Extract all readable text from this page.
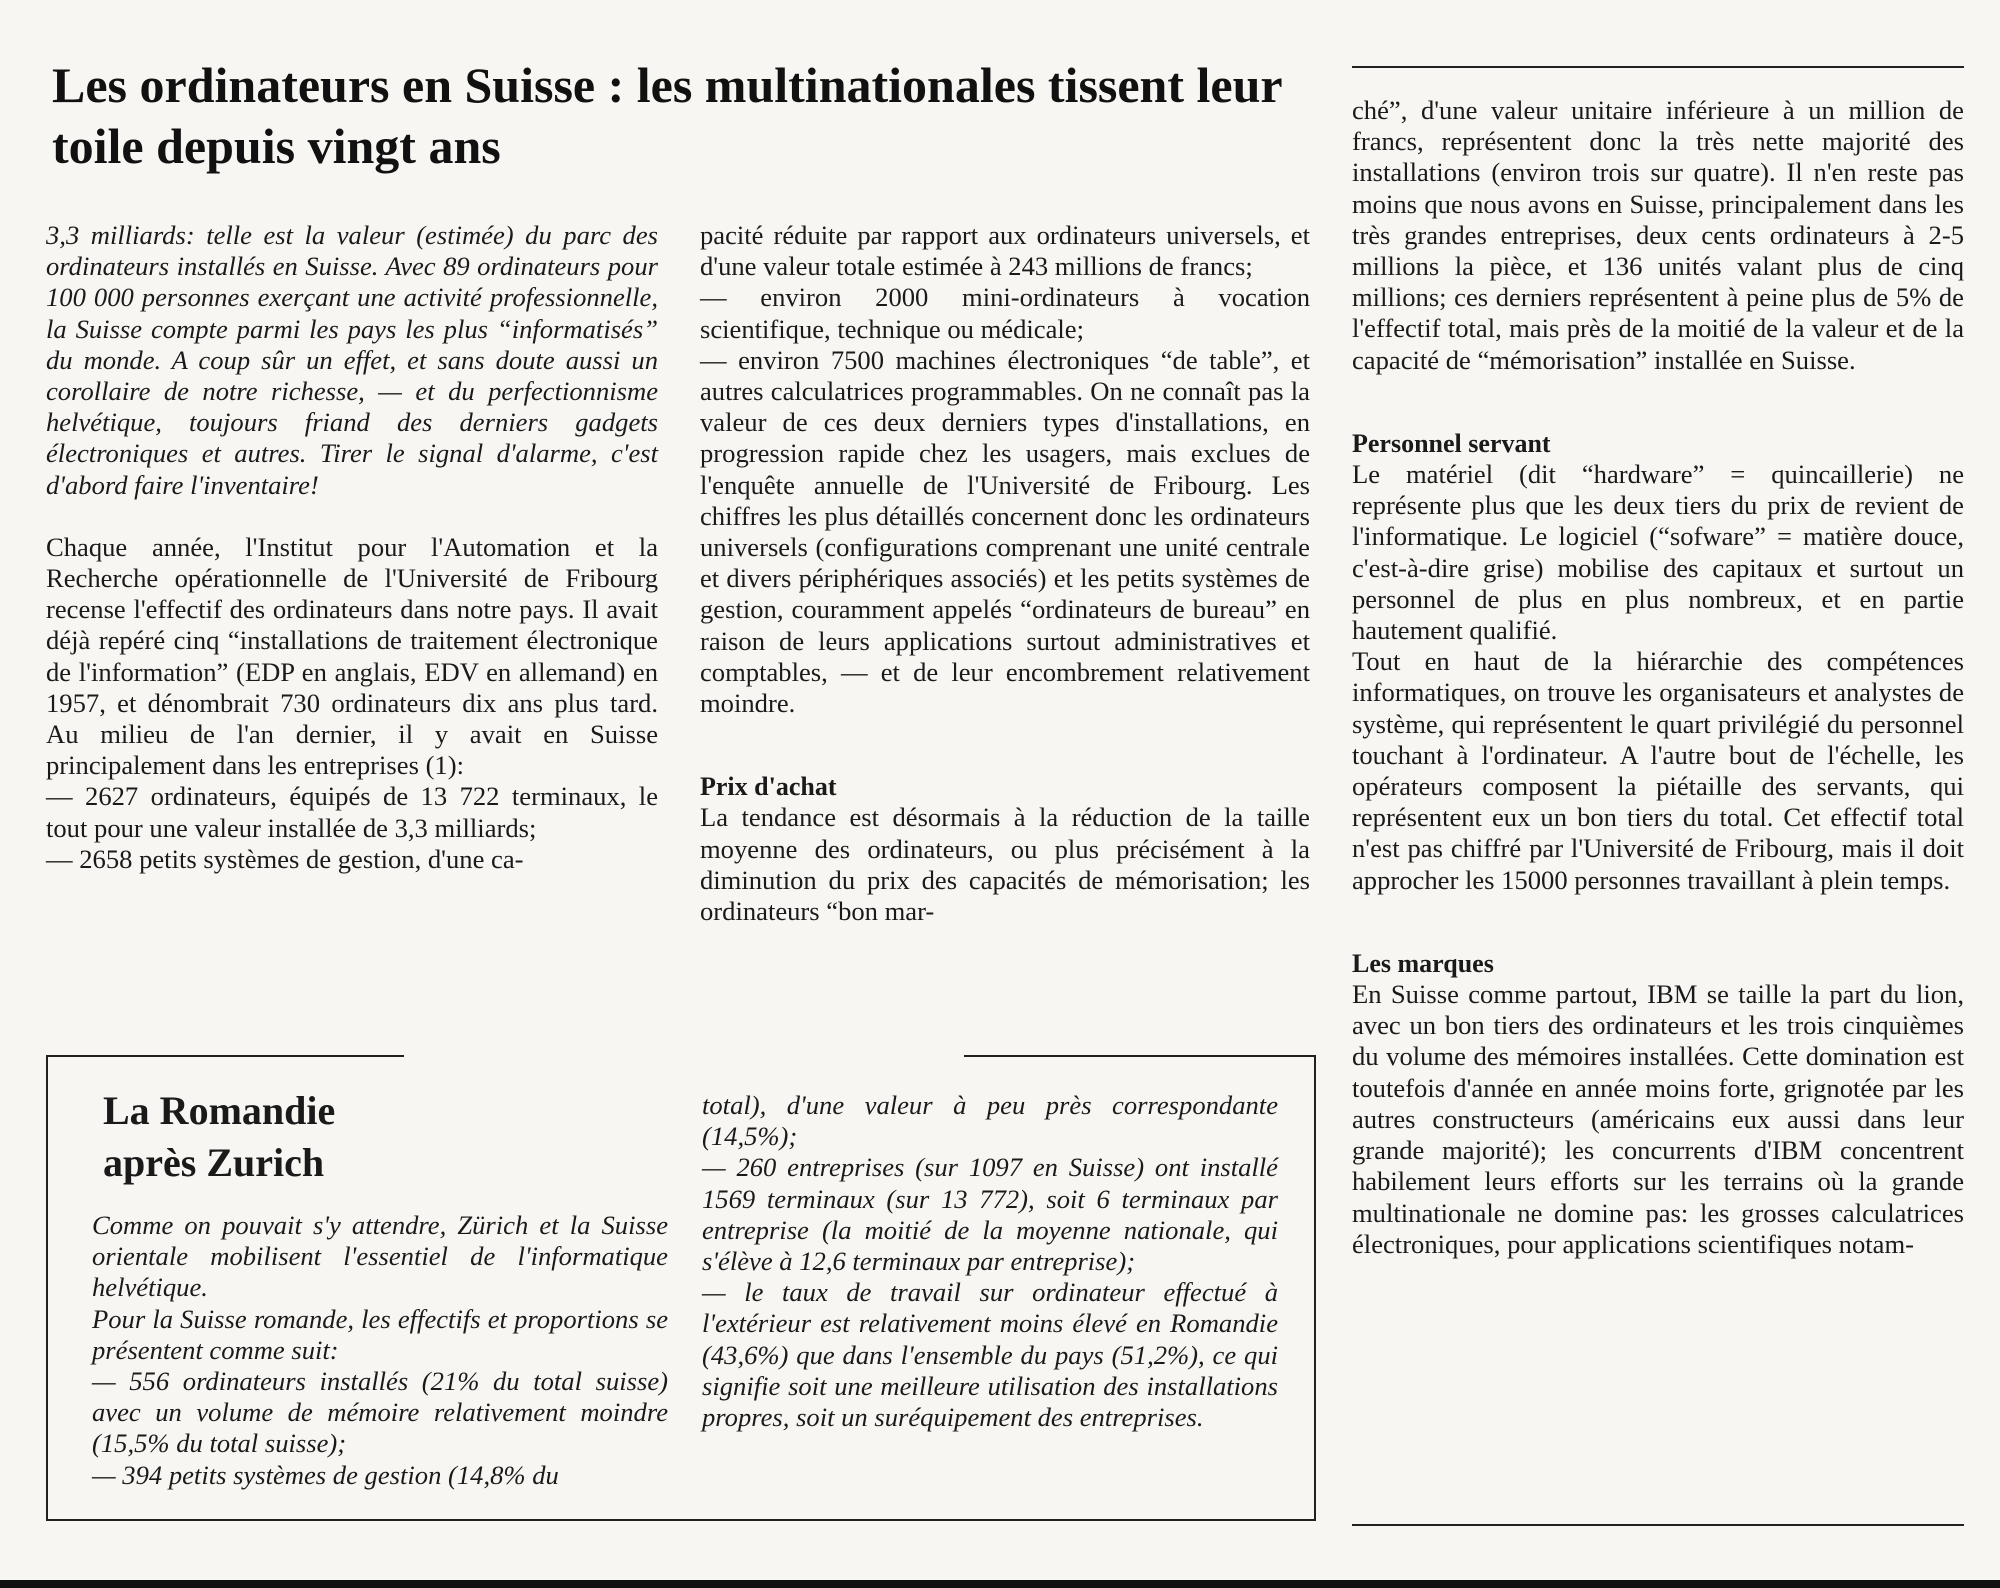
Les ordinateurs en Suisse : les multinationales tissent leur toile depuis vingt ans

3,3 milliards: telle est la valeur (estimée) du parc des ordinateurs installés en Suisse. Avec 89 ordinateurs pour 100 000 personnes exerçant une activité professionnelle, la Suisse compte parmi les pays les plus “informatisés” du monde. A coup sûr un effet, et sans doute aussi un corollaire de notre richesse, — et du perfectionnisme helvétique, toujours friand des derniers gadgets électroniques et autres. Tirer le signal d'alarme, c'est d'abord faire l'inventaire!

Chaque année, l'Institut pour l'Automation et la Recherche opérationnelle de l'Université de Fribourg recense l'effectif des ordinateurs dans notre pays. Il avait déjà repéré cinq “installations de traitement électronique de l'information” (EDP en anglais, EDV en allemand) en 1957, et dénombrait 730 ordinateurs dix ans plus tard. Au milieu de l'an dernier, il y avait en Suisse principalement dans les entreprises (1):

— 2627 ordinateurs, équipés de 13 722 terminaux, le tout pour une valeur installée de 3,3 milliards;

— 2658 petits systèmes de gestion, d'une ca-

pacité réduite par rapport aux ordinateurs universels, et d'une valeur totale estimée à 243 millions de francs;

— environ 2000 mini-ordinateurs à vocation scientifique, technique ou médicale;

— environ 7500 machines électroniques “de table”, et autres calculatrices programmables. On ne connaît pas la valeur de ces deux derniers types d'installations, en progression rapide chez les usagers, mais exclues de l'enquête annuelle de l'Université de Fribourg. Les chiffres les plus détaillés concernent donc les ordinateurs universels (configurations comprenant une unité centrale et divers périphériques associés) et les petits systèmes de gestion, couramment appelés “ordinateurs de bureau” en raison de leurs applications surtout administratives et comptables, — et de leur encombrement relativement moindre.

Prix d'achat

La tendance est désormais à la réduction de la taille moyenne des ordinateurs, ou plus précisément à la diminution du prix des capacités de mémorisation; les ordinateurs “bon mar-

ché”, d'une valeur unitaire inférieure à un million de francs, représentent donc la très nette majorité des installations (environ trois sur quatre). Il n'en reste pas moins que nous avons en Suisse, principalement dans les très grandes entreprises, deux cents ordinateurs à 2-5 millions la pièce, et 136 unités valant plus de cinq millions; ces derniers représentent à peine plus de 5% de l'effectif total, mais près de la moitié de la valeur et de la capacité de “mémorisation” installée en Suisse.

Personnel servant

Le matériel (dit “hardware” = quincaillerie) ne représente plus que les deux tiers du prix de revient de l'informatique. Le logiciel (“sofware” = matière douce, c'est-à-dire grise) mobilise des capitaux et surtout un personnel de plus en plus nombreux, et en partie hautement qualifié.

Tout en haut de la hiérarchie des compétences informatiques, on trouve les organisateurs et analystes de système, qui représentent le quart privilégié du personnel touchant à l'ordinateur. A l'autre bout de l'échelle, les opérateurs composent la piétaille des servants, qui représentent eux un bon tiers du total. Cet effectif total n'est pas chiffré par l'Université de Fribourg, mais il doit approcher les 15000 personnes travaillant à plein temps.

Les marques

En Suisse comme partout, IBM se taille la part du lion, avec un bon tiers des ordinateurs et les trois cinquièmes du volume des mémoires installées. Cette domination est toutefois d'année en année moins forte, grignotée par les autres constructeurs (américains eux aussi dans leur grande majorité); les concurrents d'IBM concentrent habilement leurs efforts sur les terrains où la grande multinationale ne domine pas: les grosses calculatrices électroniques, pour applications scientifiques notam-

La Romandie
après Zurich

Comme on pouvait s'y attendre, Zürich et la Suisse orientale mobilisent l'essentiel de l'informatique helvétique.

Pour la Suisse romande, les effectifs et proportions se présentent comme suit:

— 556 ordinateurs installés (21% du total suisse) avec un volume de mémoire relativement moindre (15,5% du total suisse);

— 394 petits systèmes de gestion (14,8% du

total), d'une valeur à peu près correspondante (14,5%);

— 260 entreprises (sur 1097 en Suisse) ont installé 1569 terminaux (sur 13 772), soit 6 terminaux par entreprise (la moitié de la moyenne nationale, qui s'élève à 12,6 terminaux par entreprise);

— le taux de travail sur ordinateur effectué à l'extérieur est relativement moins élevé en Romandie (43,6%) que dans l'ensemble du pays (51,2%), ce qui signifie soit une meilleure utilisation des installations propres, soit un suréquipement des entreprises.
